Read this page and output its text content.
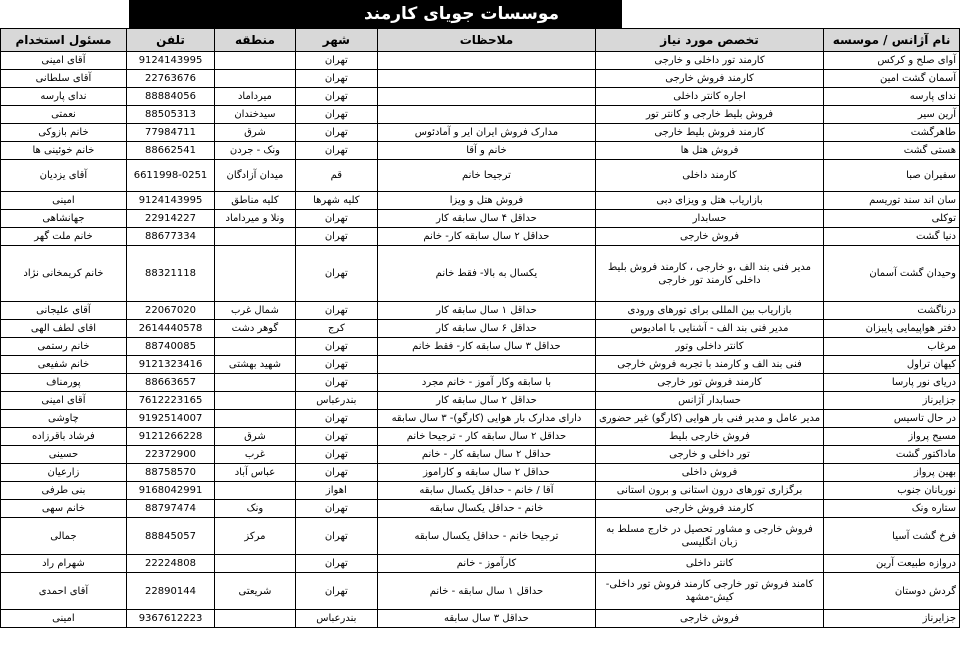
موسسات جویای کارمند
نام آژانس / موسسه	تخصص مورد نیاز	ملاحظات	شهر	منطقه	تلفن	مسئول استخدام
آوای صلح و کرکس	کارمند تور داخلی و خارجی		تهران		9124143995	آقای امینی
آسمان گشت امین	کارمند فروش خارجی		تهران		22763676	آقای سلطانی
ندای پارسه	اجاره کانتر داخلی		تهران	میرداماد	88884056	ندای پارسه
آرین سیر	فروش بلیط خارجی و کانتر تور		تهران	سیدخندان	88505313	نعمتی
طاهرگشت	کارمند فروش بلیط خارجی	مدارک فروش ایران ایر و آمادئوس	تهران	شرق	77984711	خانم بازوکی
هستی گشت	فروش هتل ها	خانم و آقا	تهران	ونک - جردن	88662541	خانم خوئینی ها
سفیران صبا	کارمند داخلی	ترجیحا خانم	قم	میدان آزادگان	6611998-0251	آقای یزدیان
سان اند سند توریسم	بازاریاب هتل و ویزای دبی	فروش هتل و ویزا	کلیه شهرها	کلیه مناطق	9124143995	امینی
توکلی	حسابدار	حداقل ۴ سال سابقه کار	تهران	ونلا و میرداماد	22914227	جهانشاهی
دنیا گشت	فروش خارجی	حداقل ۲ سال سابقه کار- خانم	تهران		88677334	خانم ملت گهر
وحیدان گشت آسمان	مدیر فنی بند الف ،و خارجی ، کارمند فروش بلیط داخلی کارمند تور خارجی	یکسال به بالا- فقط خانم	تهران		88321118	خانم کریمخانی نژاد
درناگشت	بازاریاب بین المللی برای تورهای ورودی	حداقل ۱ سال سابقه کار	تهران	شمال غرب	22067020	آقای علیجانی
دفتر هواپیمایی پایبزان	مدیر فنی بند الف - آشنایی با امادیوس	حداقل ۶ سال سابقه کار	کرج	گوهر دشت	2614440578	اقای لطف الهی
مرغاب	کانتر داخلی وتور	حداقل ۳ سال سابقه کار- فقط خانم	تهران		88740085	خانم رستمی
کیهان تراول	فنی بند الف و کارمند با تجربه فروش خارجی		تهران	شهید بهشتی	9121323416	خانم شفیعی
دریای نور پارسا	کارمند فروش تور خارجی	با سابقه وکار آموز - خانم مجرد	تهران		88663657	پورمناف
جزایرناز	حسابدار آژانس	حداقل ۲ سال سابقه کار	بندرعباس		7612223165	آقای امینی
در حال تاسیس	مدیر عامل و مدیر فنی بار هوایی (کارگو) غیر حضوری	دارای مدارک بار هوایی (کارگو)- ۳ سال سابقه	تهران		9192514007	چاوشی
مسیح پرواز	فروش خارجی بلیط	حداقل ۲ سال سابقه کار - ترجیحا خانم	تهران	شرق	9121266228	فرشاد باقرزاده
ماداکتور گشت	تور داخلی و خارجی	حداقل ۲ سال سابقه کار - خانم	تهران	غرب	22372900	حسینی
بهین پرواز	فروش داخلی	حداقل ۲ سال سابقه و کاراموز	تهران	عباس آباد	88758570	زارعیان
نوریانان جنوب	برگزاری تورهای درون استانی و برون استانی	آقا / خانم - حداقل یکسال سابقه	اهواز		9168042991	بنی طرفی
ستاره ونک	کارمند فروش خارجی	خانم - حداقل یکسال سابقه	تهران	ونک	88797474	خانم سهی
فرخ گشت آسیا	فروش خارجی و مشاور تحصیل در خارج مسلط به زبان انگلیسی	ترجیحا خانم - حداقل یکسال سابقه	تهران	مرکز	88845057	جمالی
دروازه طبیعت آرین	کانتر داخلی	کارآموز - خانم	تهران		22224808	شهرام راد
گردش دوستان	کامند فروش تور خارجی کارمند فروش تور داخلی-کیش-مشهد	حداقل ۱ سال سابقه - خانم	تهران	شریعتی	22890144	آقای احمدی
جزایرناز	فروش خارجی	حداقل ۳ سال سابقه	بندرعباس		9367612223	امینی
